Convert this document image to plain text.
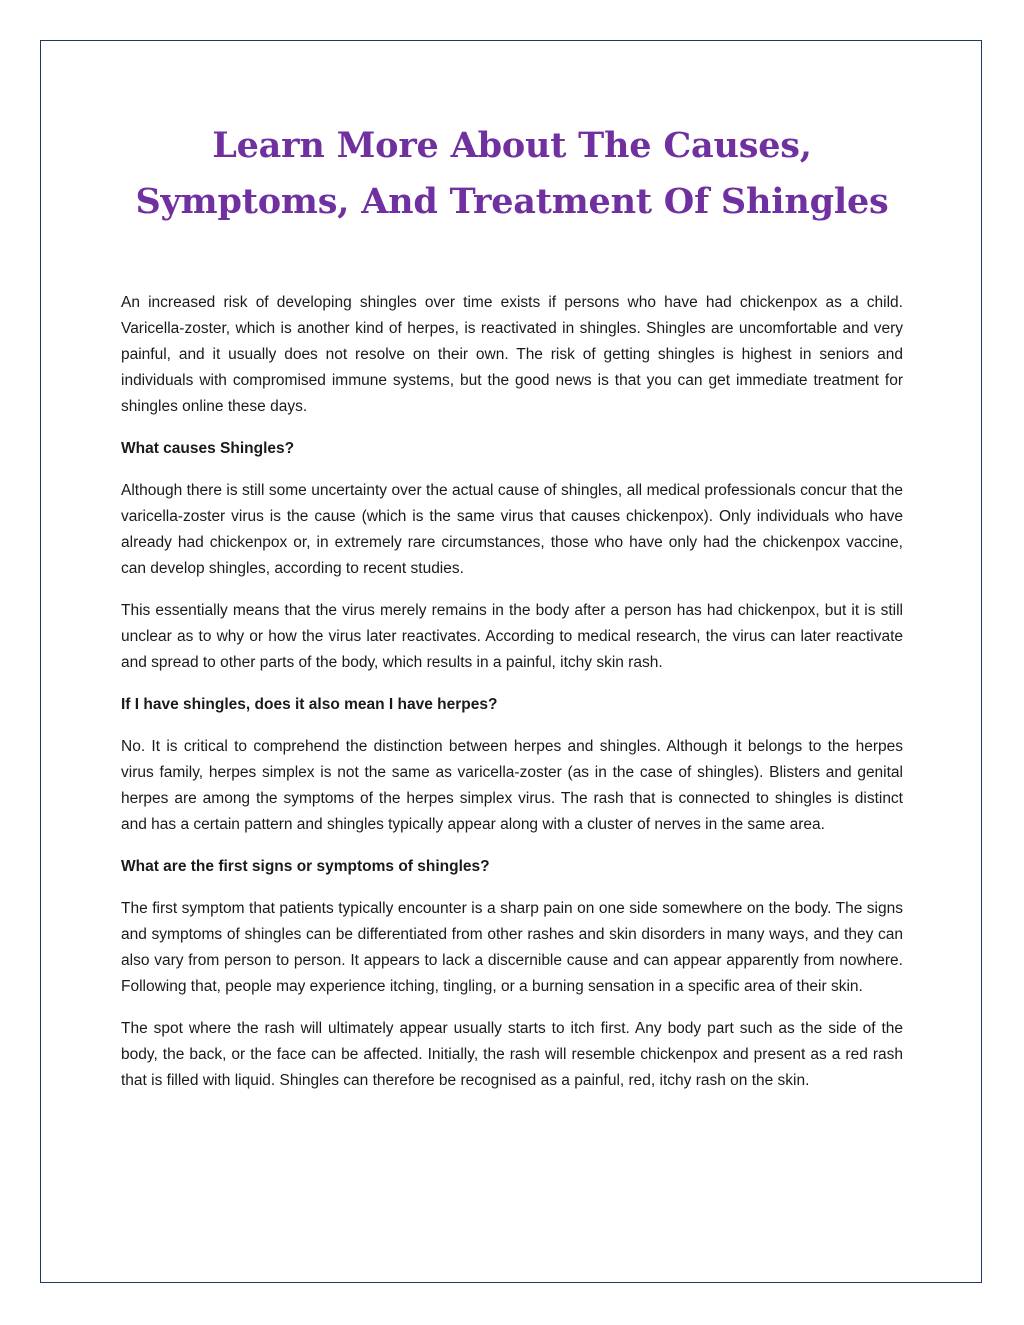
Learn More About The Causes, Symptoms, And Treatment Of Shingles

An increased risk of developing shingles over time exists if persons who have had chickenpox as a child. Varicella-zoster, which is another kind of herpes, is reactivated in shingles. Shingles are uncomfortable and very painful, and it usually does not resolve on their own. The risk of getting shingles is highest in seniors and individuals with compromised immune systems, but the good news is that you can get immediate treatment for shingles online these days.

What causes Shingles?

Although there is still some uncertainty over the actual cause of shingles, all medical professionals concur that the varicella-zoster virus is the cause (which is the same virus that causes chickenpox). Only individuals who have already had chickenpox or, in extremely rare circumstances, those who have only had the chickenpox vaccine, can develop shingles, according to recent studies.

This essentially means that the virus merely remains in the body after a person has had chickenpox, but it is still unclear as to why or how the virus later reactivates. According to medical research, the virus can later reactivate and spread to other parts of the body, which results in a painful, itchy skin rash.

If I have shingles, does it also mean I have herpes?

No. It is critical to comprehend the distinction between herpes and shingles. Although it belongs to the herpes virus family, herpes simplex is not the same as varicella-zoster (as in the case of shingles). Blisters and genital herpes are among the symptoms of the herpes simplex virus. The rash that is connected to shingles is distinct and has a certain pattern and shingles typically appear along with a cluster of nerves in the same area.

What are the first signs or symptoms of shingles?

The first symptom that patients typically encounter is a sharp pain on one side somewhere on the body. The signs and symptoms of shingles can be differentiated from other rashes and skin disorders in many ways, and they can also vary from person to person. It appears to lack a discernible cause and can appear apparently from nowhere. Following that, people may experience itching, tingling, or a burning sensation in a specific area of their skin.

The spot where the rash will ultimately appear usually starts to itch first. Any body part such as the side of the body, the back, or the face can be affected. Initially, the rash will resemble chickenpox and present as a red rash that is filled with liquid. Shingles can therefore be recognised as a painful, red, itchy rash on the skin.
